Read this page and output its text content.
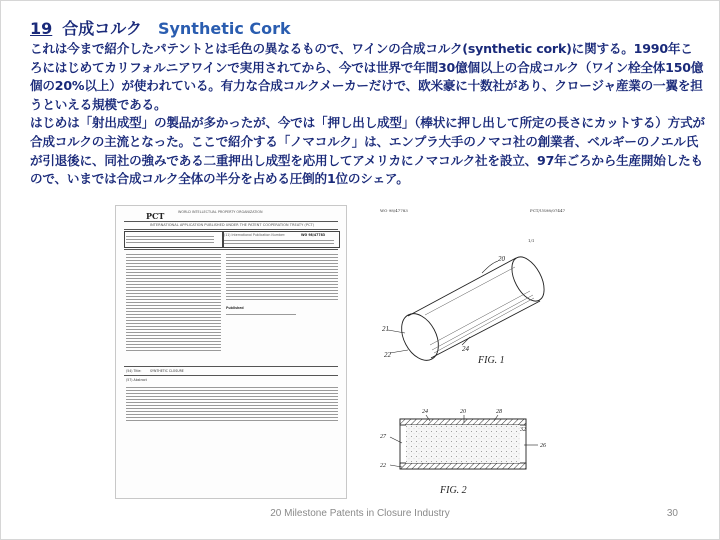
19 合成コルク Synthetic Cork

これは今まで紹介したパテントとは毛色の異なるもので、ワインの合成コルク(synthetic cork)に関する。1990年ころにはじめてカリフォルニアワインで実用されてから、今では世界で年間30億個以上の合成コルク（ワイン栓全体150億個の20%以上）が使われている。有力な合成コルクメーカーだけで、欧米豪に十数社があり、クロージャ産業の一翼を担うといえる規模である。

はじめは「射出成型」の製品が多かったが、今では「押し出し成型」（棒状に押し出して所定の長さにカットする）方式が合成コルクの主流となった。ここで紹介する「ノマコルク」は、エンプラ大手のノマコ社の創業者、ベルギーのノエル氏が引退後に、同社の強みである二重押出し成型を応用してアメリカにノマコルク社を設立、97年ごろから生産開始したもので、いまでは合成コルク全体の半分を占める圧倒的1位のシェア。

PCT	WORLD INTELLECTUAL PROPERTY ORGANIZATION
INTERNATIONAL APPLICATION PUBLISHED UNDER THE PATENT COOPERATION TREATY (PCT)
(11) International Publication Number:	WO 98/47783
Published
(54) Title:	SYNTHETIC CLOSURE
(57) Abstract
WO 98/47783	PCT/US98/07447
1/1
20
21
22
24
FIG. 1
24	20	28
27
26
22
32
FIG. 2
20 Milestone Patents in Closure Industry	30
